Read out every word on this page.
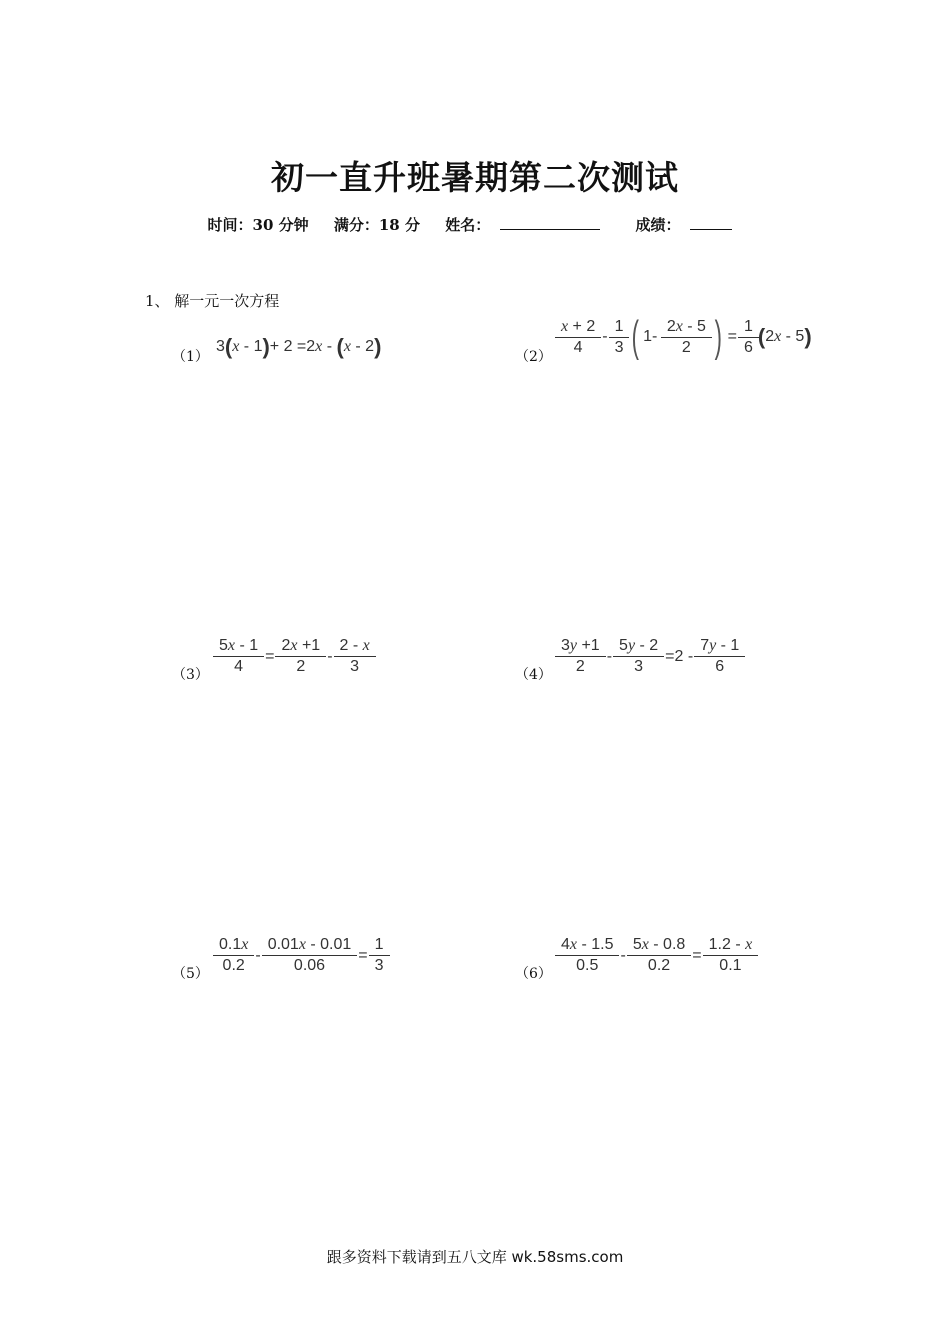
初一直升班暑期第二次测试
时间：30 分钟 满分：18 分 姓名：	成绩：
1、 解一元一次方程
（1）
3 ( x - 1 ) + 2 =2 x - ( x - 2 )	$(2) \frac{x + 2}{4} - \frac{1}{3}$ ( $1- \frac{2x - 5}{2}$ ) = $\frac{1}{6}$ ( 2 x - 5 )
$(3) \frac{5x - 1}{4} = \frac{2x +1}{2} - \frac{2 - x}{3}$	$(4) \frac{3y +1}{2} - \frac{5y - 2}{3} =2 - \frac{7y - 1}{6}$
$(5) \frac{0.1x}{0.2} - \frac{0.01x - 0.01}{0.06} = \frac{1}{3}$	$(6) \frac{4x - 1.5}{0.5} - \frac{5x - 0.8}{0.2} = \frac{1.2 - x}{0.1}$
跟多资料下载请到五八文库 wk.58sms.com
